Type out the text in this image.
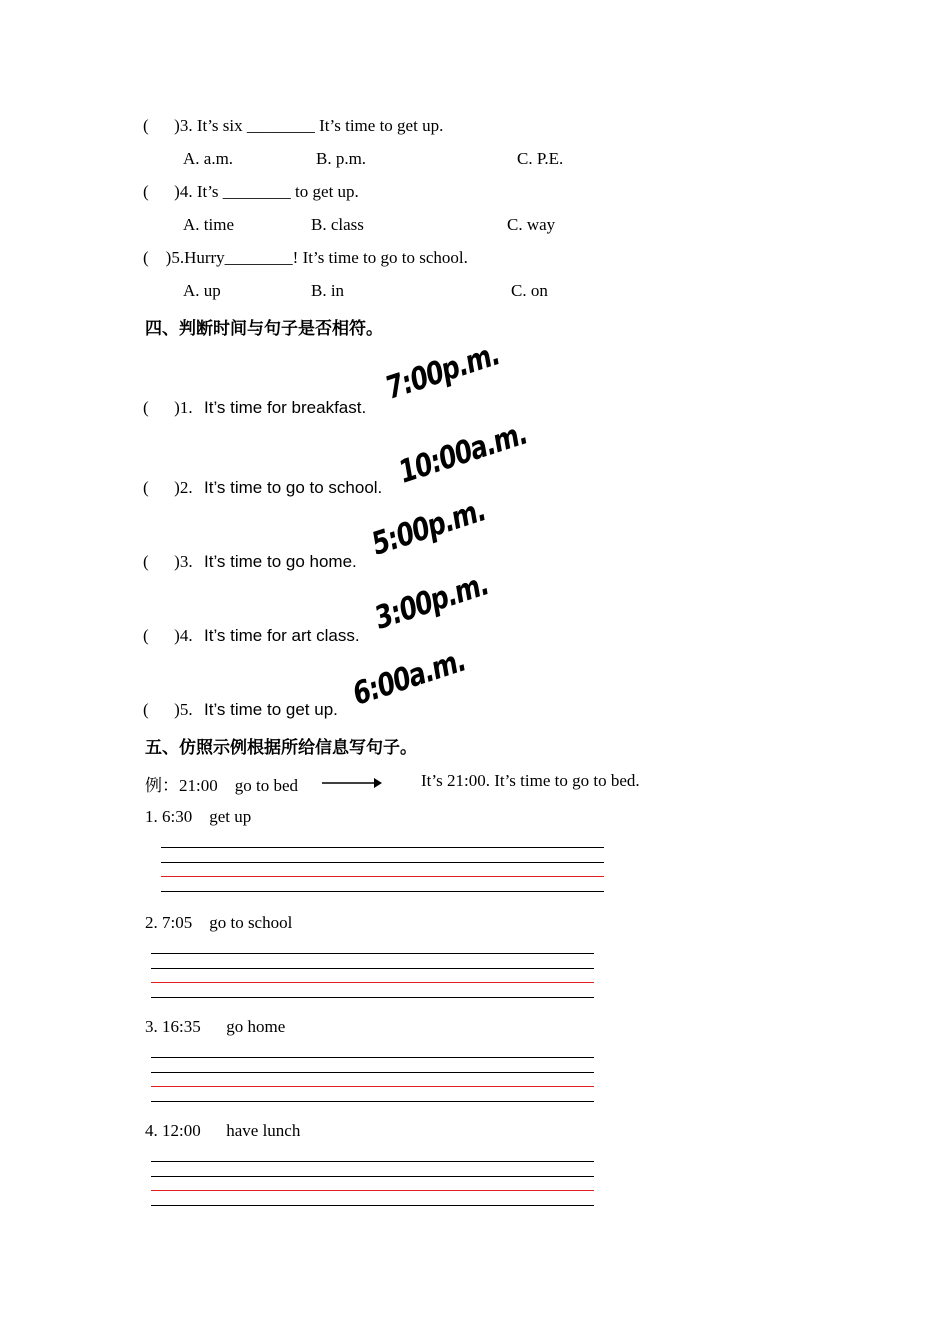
(      )3. It’s six ________ It’s time to get up.
A. a.m.	B. p.m.	C. P.E.
(      )4. It’s ________ to get up.
A. time	B. class	C. way
(    )5.Hurry________! It’s time to go to school.
A. up	B. in	C. on
四、判断时间与句子是否相符。
(      )1. It’s time for breakfast.
7:00p.m.
(      )2. It’s time to go to school. 10:00a.m.
(      )3. It’s time to go home. 5:00p.m.
(      )4. It’s time for art class. 3:00p.m.
(      )5. It’s time to get up. 6:00a.m.
五、仿照示例根据所给信息写句子。
例：21:00    go to bed	It’s 21:00. It’s time to go to bed.
1. 6:30    get up
2. 7:05    go to school
3. 16:35      go home
4. 12:00      have lunch
